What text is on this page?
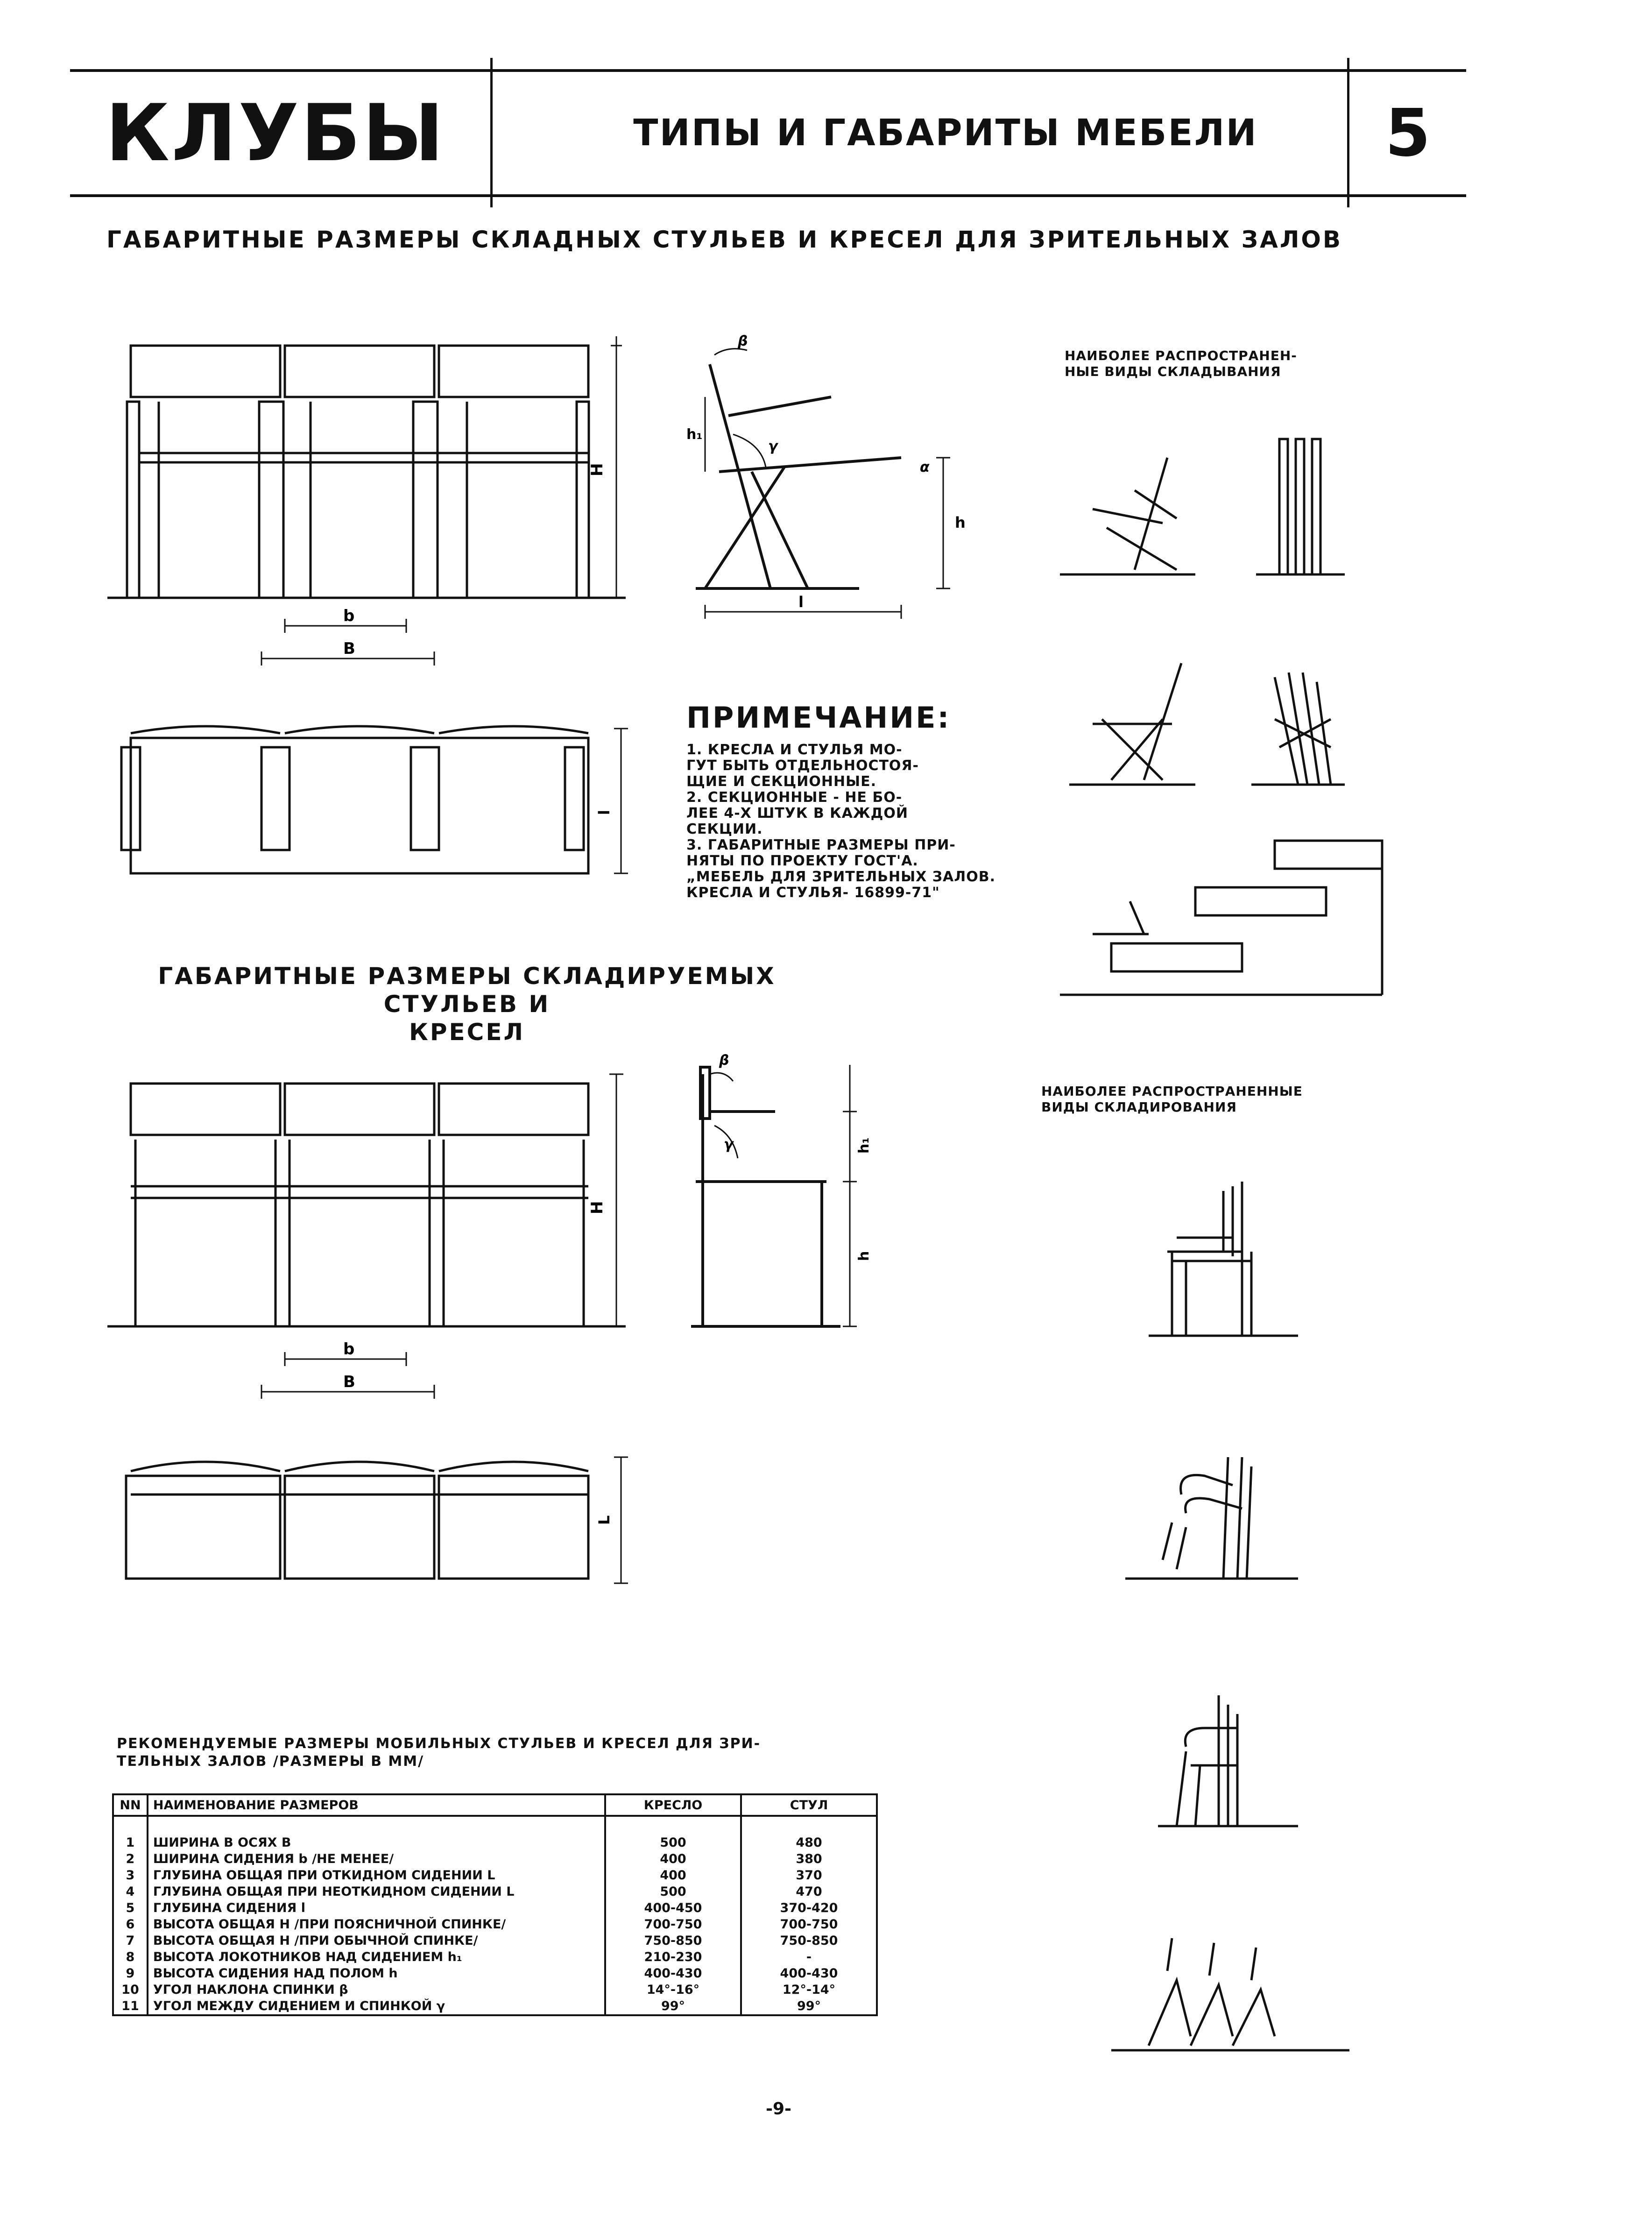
КЛУБЫ	ТИПЫ И ГАБАРИТЫ МЕБЕЛИ	5
ГАБАРИТНЫЕ РАЗМЕРЫ СКЛАДНЫХ СТУЛЬЕВ И КРЕСЕЛ ДЛЯ ЗРИТЕЛЬНЫХ ЗАЛОВ
H
b
B
β
γ
α
h
h₁
l
НАИБОЛЕЕ РАСПРОСТРАНЕН-
НЫЕ ВИДЫ СКЛАДЫВАНИЯ
l
ПРИМЕЧАНИЕ:
1. КРЕСЛА И СТУЛЬЯ МО-
ГУТ БЫТЬ ОТДЕЛЬНОСТОЯ-
ЩИЕ И СЕКЦИОННЫЕ.
2. СЕКЦИОННЫЕ - НЕ БО-
ЛЕЕ 4-Х ШТУК В КАЖДОЙ
СЕКЦИИ.
3. ГАБАРИТНЫЕ РАЗМЕРЫ ПРИ-
НЯТЫ ПО ПРОЕКТУ ГОСТ'А.
„МЕБЕЛЬ ДЛЯ ЗРИТЕЛЬНЫХ ЗАЛОВ.
КРЕСЛА И СТУЛЬЯ- 16899-71"
ГАБАРИТНЫЕ РАЗМЕРЫ СКЛАДИРУЕМЫХ СТУЛЬЕВ И
КРЕСЕЛ
H
b
B
β
γ	h₁
h
L
НАИБОЛЕЕ РАСПРОСТРАНЕННЫЕ
ВИДЫ СКЛАДИРОВАНИЯ
РЕКОМЕНДУЕМЫЕ РАЗМЕРЫ МОБИЛЬНЫХ СТУЛЬЕВ И КРЕСЕЛ ДЛЯ ЗРИ-
ТЕЛЬНЫХ ЗАЛОВ /РАЗМЕРЫ В ММ/
NN	НАИМЕНОВАНИЕ РАЗМЕРОВ	КРЕСЛО	СТУЛ

1	ШИРИНА В ОСЯХ B	500	480
2	ШИРИНА СИДЕНИЯ b /НЕ МЕНЕЕ/	400	380
3	ГЛУБИНА ОБЩАЯ ПРИ ОТКИДНОМ СИДЕНИИ L	400	370
4	ГЛУБИНА ОБЩАЯ ПРИ НЕОТКИДНОМ СИДЕНИИ L	500	470
5	ГЛУБИНА СИДЕНИЯ l	400-450	370-420
6	ВЫСОТА ОБЩАЯ H /ПРИ ПОЯСНИЧНОЙ СПИНКЕ/	700-750	700-750
7	ВЫСОТА ОБЩАЯ H /ПРИ ОБЫЧНОЙ СПИНКЕ/	750-850	750-850
8	ВЫСОТА ЛОКОТНИКОВ НАД СИДЕНИЕМ h₁	210-230	-
9	ВЫСОТА СИДЕНИЯ НАД ПОЛОМ h	400-430	400-430
10	УГОЛ НАКЛОНА СПИНКИ β	14°-16°	12°-14°
11	УГОЛ МЕЖДУ СИДЕНИЕМ И СПИНКОЙ γ	99°	99°
-9-
